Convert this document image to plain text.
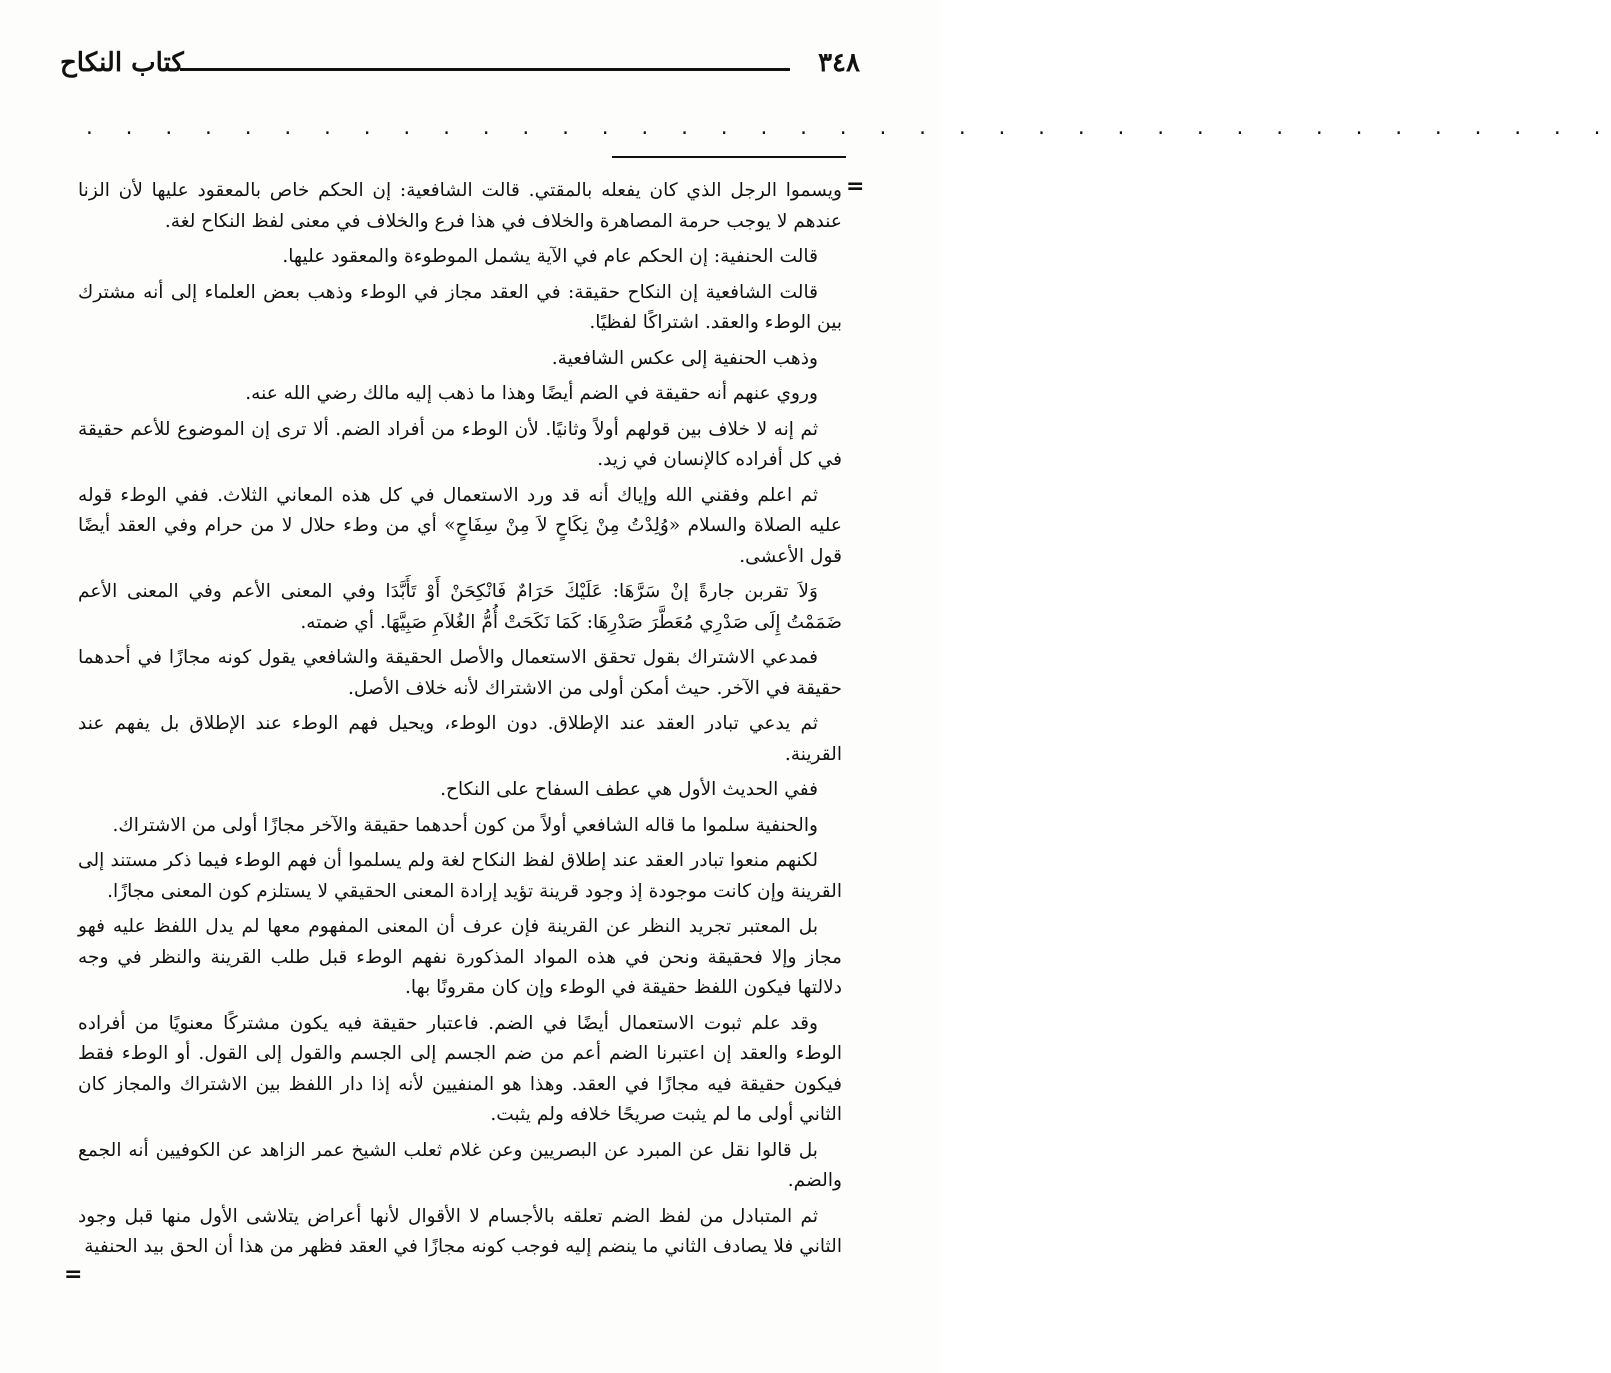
كتاب النكاح	٣٤٨
. . . . . . . . . . . . . . . . . . . . . . . . . . . . . . . . . . . . . . .
=
=

ويسموا الرجل الذي كان يفعله بالمقتي. قالت الشافعية: إن الحكم خاص بالمعقود عليها لأن الزنا عندهم لا يوجب حرمة المصاهرة والخلاف في هذا فرع والخلاف في معنى لفظ النكاح لغة.

قالت الحنفية: إن الحكم عام في الآية يشمل الموطوءة والمعقود عليها.

قالت الشافعية إن النكاح حقيقة: في العقد مجاز في الوطء وذهب بعض العلماء إلى أنه مشترك بين الوطء والعقد. اشتراكًا لفظيًا.

وذهب الحنفية إلى عكس الشافعية.

وروي عنهم أنه حقيقة في الضم أيضًا وهذا ما ذهب إليه مالك رضي الله عنه.

ثم إنه لا خلاف بين قولهم أولاً وثانيًا. لأن الوطء من أفراد الضم. ألا ترى إن الموضوع للأعم حقيقة في كل أفراده كالإنسان في زيد.

ثم اعلم وفقني الله وإياك أنه قد ورد الاستعمال في كل هذه المعاني الثلاث. ففي الوطء قوله عليه الصلاة والسلام «وُلِدْتُ مِنْ نِكَاحٍ لاَ مِنْ سِفَاحٍ» أي من وطء حلال لا من حرام وفي العقد أيضًا قول الأعشى.

وَلاَ تقربن جارةً إنْ سَرَّهَا: عَلَيْكَ حَرَامٌ فَانْكِحَنْ أَوْ تَأَبَّدَا وفي المعنى الأعم وفي المعنى الأعم ضَمَمْتُ إِلَى صَدْرِي مُعَطَّرَ صَدْرِهَا: كَمَا نَكَحَتْ أُمُّ الغُلاَمِ صَبِيَّهَا. أي ضمته.

فمدعي الاشتراك بقول تحقق الاستعمال والأصل الحقيقة والشافعي يقول كونه مجازًا في أحدهما حقيقة في الآخر. حيث أمكن أولى من الاشتراك لأنه خلاف الأصل.

ثم يدعي تبادر العقد عند الإطلاق. دون الوطء، ويحيل فهم الوطء عند الإطلاق بل يفهم عند القرينة.

ففي الحديث الأول هي عطف السفاح على النكاح.

والحنفية سلموا ما قاله الشافعي أولاً من كون أحدهما حقيقة والآخر مجازًا أولى من الاشتراك.

لكنهم منعوا تبادر العقد عند إطلاق لفظ النكاح لغة ولم يسلموا أن فهم الوطء فيما ذكر مستند إلى القرينة وإن كانت موجودة إذ وجود قرينة تؤيد إرادة المعنى الحقيقي لا يستلزم كون المعنى مجازًا.

بل المعتبر تجريد النظر عن القرينة فإن عرف أن المعنى المفهوم معها لم يدل اللفظ عليه فهو مجاز وإلا فحقيقة ونحن في هذه المواد المذكورة نفهم الوطء قبل طلب القرينة والنظر في وجه دلالتها فيكون اللفظ حقيقة في الوطء وإن كان مقرونًا بها.

وقد علم ثبوت الاستعمال أيضًا في الضم. فاعتبار حقيقة فيه يكون مشتركًا معنويًا من أفراده الوطء والعقد إن اعتبرنا الضم أعم من ضم الجسم إلى الجسم والقول إلى القول. أو الوطء فقط فيكون حقيقة فيه مجازًا في العقد. وهذا هو المنفيين لأنه إذا دار اللفظ بين الاشتراك والمجاز كان الثاني أولى ما لم يثبت صريحًا خلافه ولم يثبت.

بل قالوا نقل عن المبرد عن البصريين وعن غلام ثعلب الشيخ عمر الزاهد عن الكوفيين أنه الجمع والضم.

ثم المتبادل من لفظ الضم تعلقه بالأجسام لا الأقوال لأنها أعراض يتلاشى الأول منها قبل وجود الثاني فلا يصادف الثاني ما ينضم إليه فوجب كونه مجازًا في العقد فظهر من هذا أن الحق بيد الحنفية
